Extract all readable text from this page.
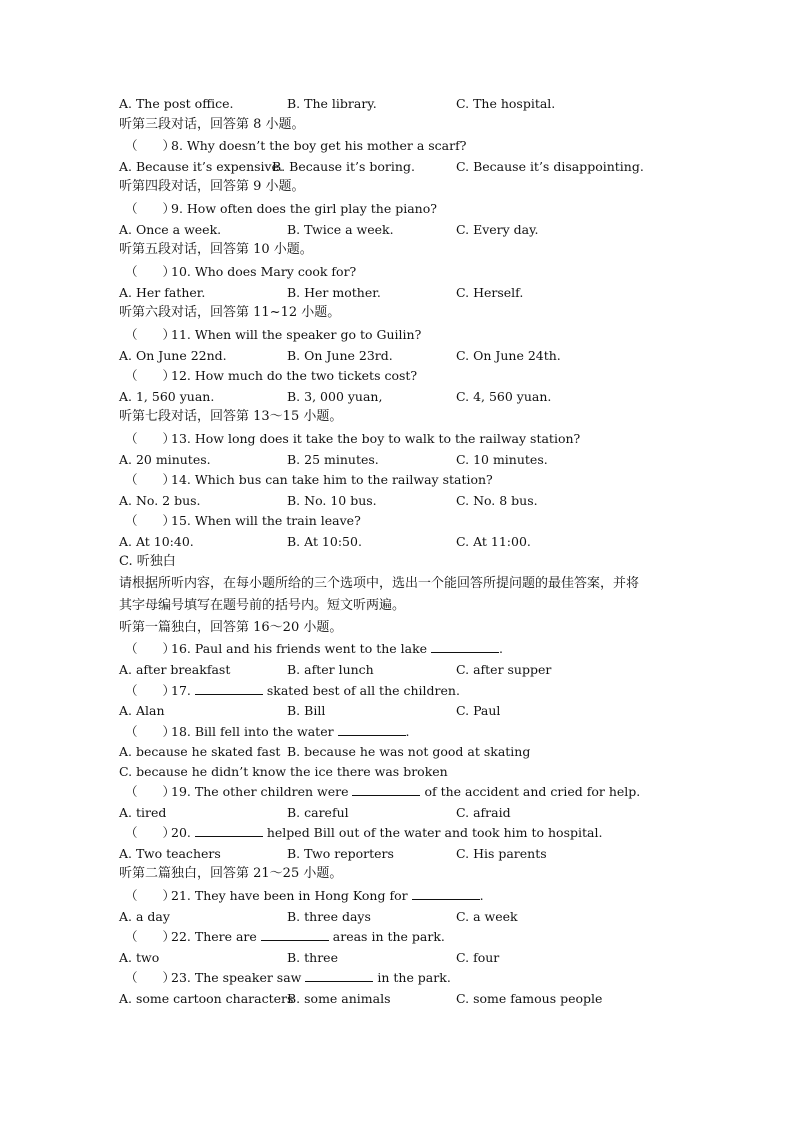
A. The post office.	B. The library.	C. The hospital.
听第三段对话，回答第 8 小题。
（　　）8. Why doesn’t the boy get his mother a scarf?
A. Because it’s expensive.
B. Because it’s boring.	C. Because it’s disappointing.
听第四段对话，回答第 9 小题。
（　　）9. How often does the girl play the piano?
A. Once a week.	B. Twice a week.	C. Every day.
听第五段对话，回答第 10 小题。
（　　）10. Who does Mary cook for?
A. Her father.	B. Her mother.	C. Herself.
听第六段对话，回答第 11~12 小题。
（　　）11. When will the speaker go to Guilin?
A. On June 22nd.	B. On June 23rd.	C. On June 24th.
（　　）12. How much do the two tickets cost?
A. 1, 560 yuan.	B. 3, 000 yuan,	C. 4, 560 yuan.
听第七段对话，回答第 13～15 小题。
（　　）13. How long does it take the boy to walk to the railway station?
A. 20 minutes.	B. 25 minutes.	C. 10 minutes.
（　　）14. Which bus can take him to the railway station?
A. No. 2 bus.	B. No. 10 bus.	C. No. 8 bus.
（　　）15. When will the train leave?
A. At 10:40.	B. At 10:50.	C. At 11:00.
C. 听独白
请根据所听内容，在每小题所给的三个选项中，选出一个能回答所提问题的最佳答案，并将
其字母编号填写在题号前的括号内。短文听两遍。
听第一篇独白，回答第 16～20 小题。
（　　）16. Paul and his friends went to the lake	.
A. after breakfast	B. after lunch	C. after supper
（　　）17.	skated best of all the children.
A. Alan	B. Bill	C. Paul
（　　）18. Bill fell into the water	.
A. because he skated fast B. because he was not good at skating
C. because he didn’t know the ice there was broken
（　　）19. The other children were	of the accident and cried for help.
A. tired	B. careful	C. afraid
（　　）20.	helped Bill out of the water and took him to hospital.
A. Two teachers	B. Two reporters	C. His parents
听第二篇独白，回答第 21～25 小题。
（　　）21. They have been in Hong Kong for	.
A. a day	B. three days	C. a week
（　　）22. There are	areas in the park.
A. two	B. three	C. four
（　　）23. The speaker saw	in the park.
A. some cartoon characters
B. some animals	C. some famous people
